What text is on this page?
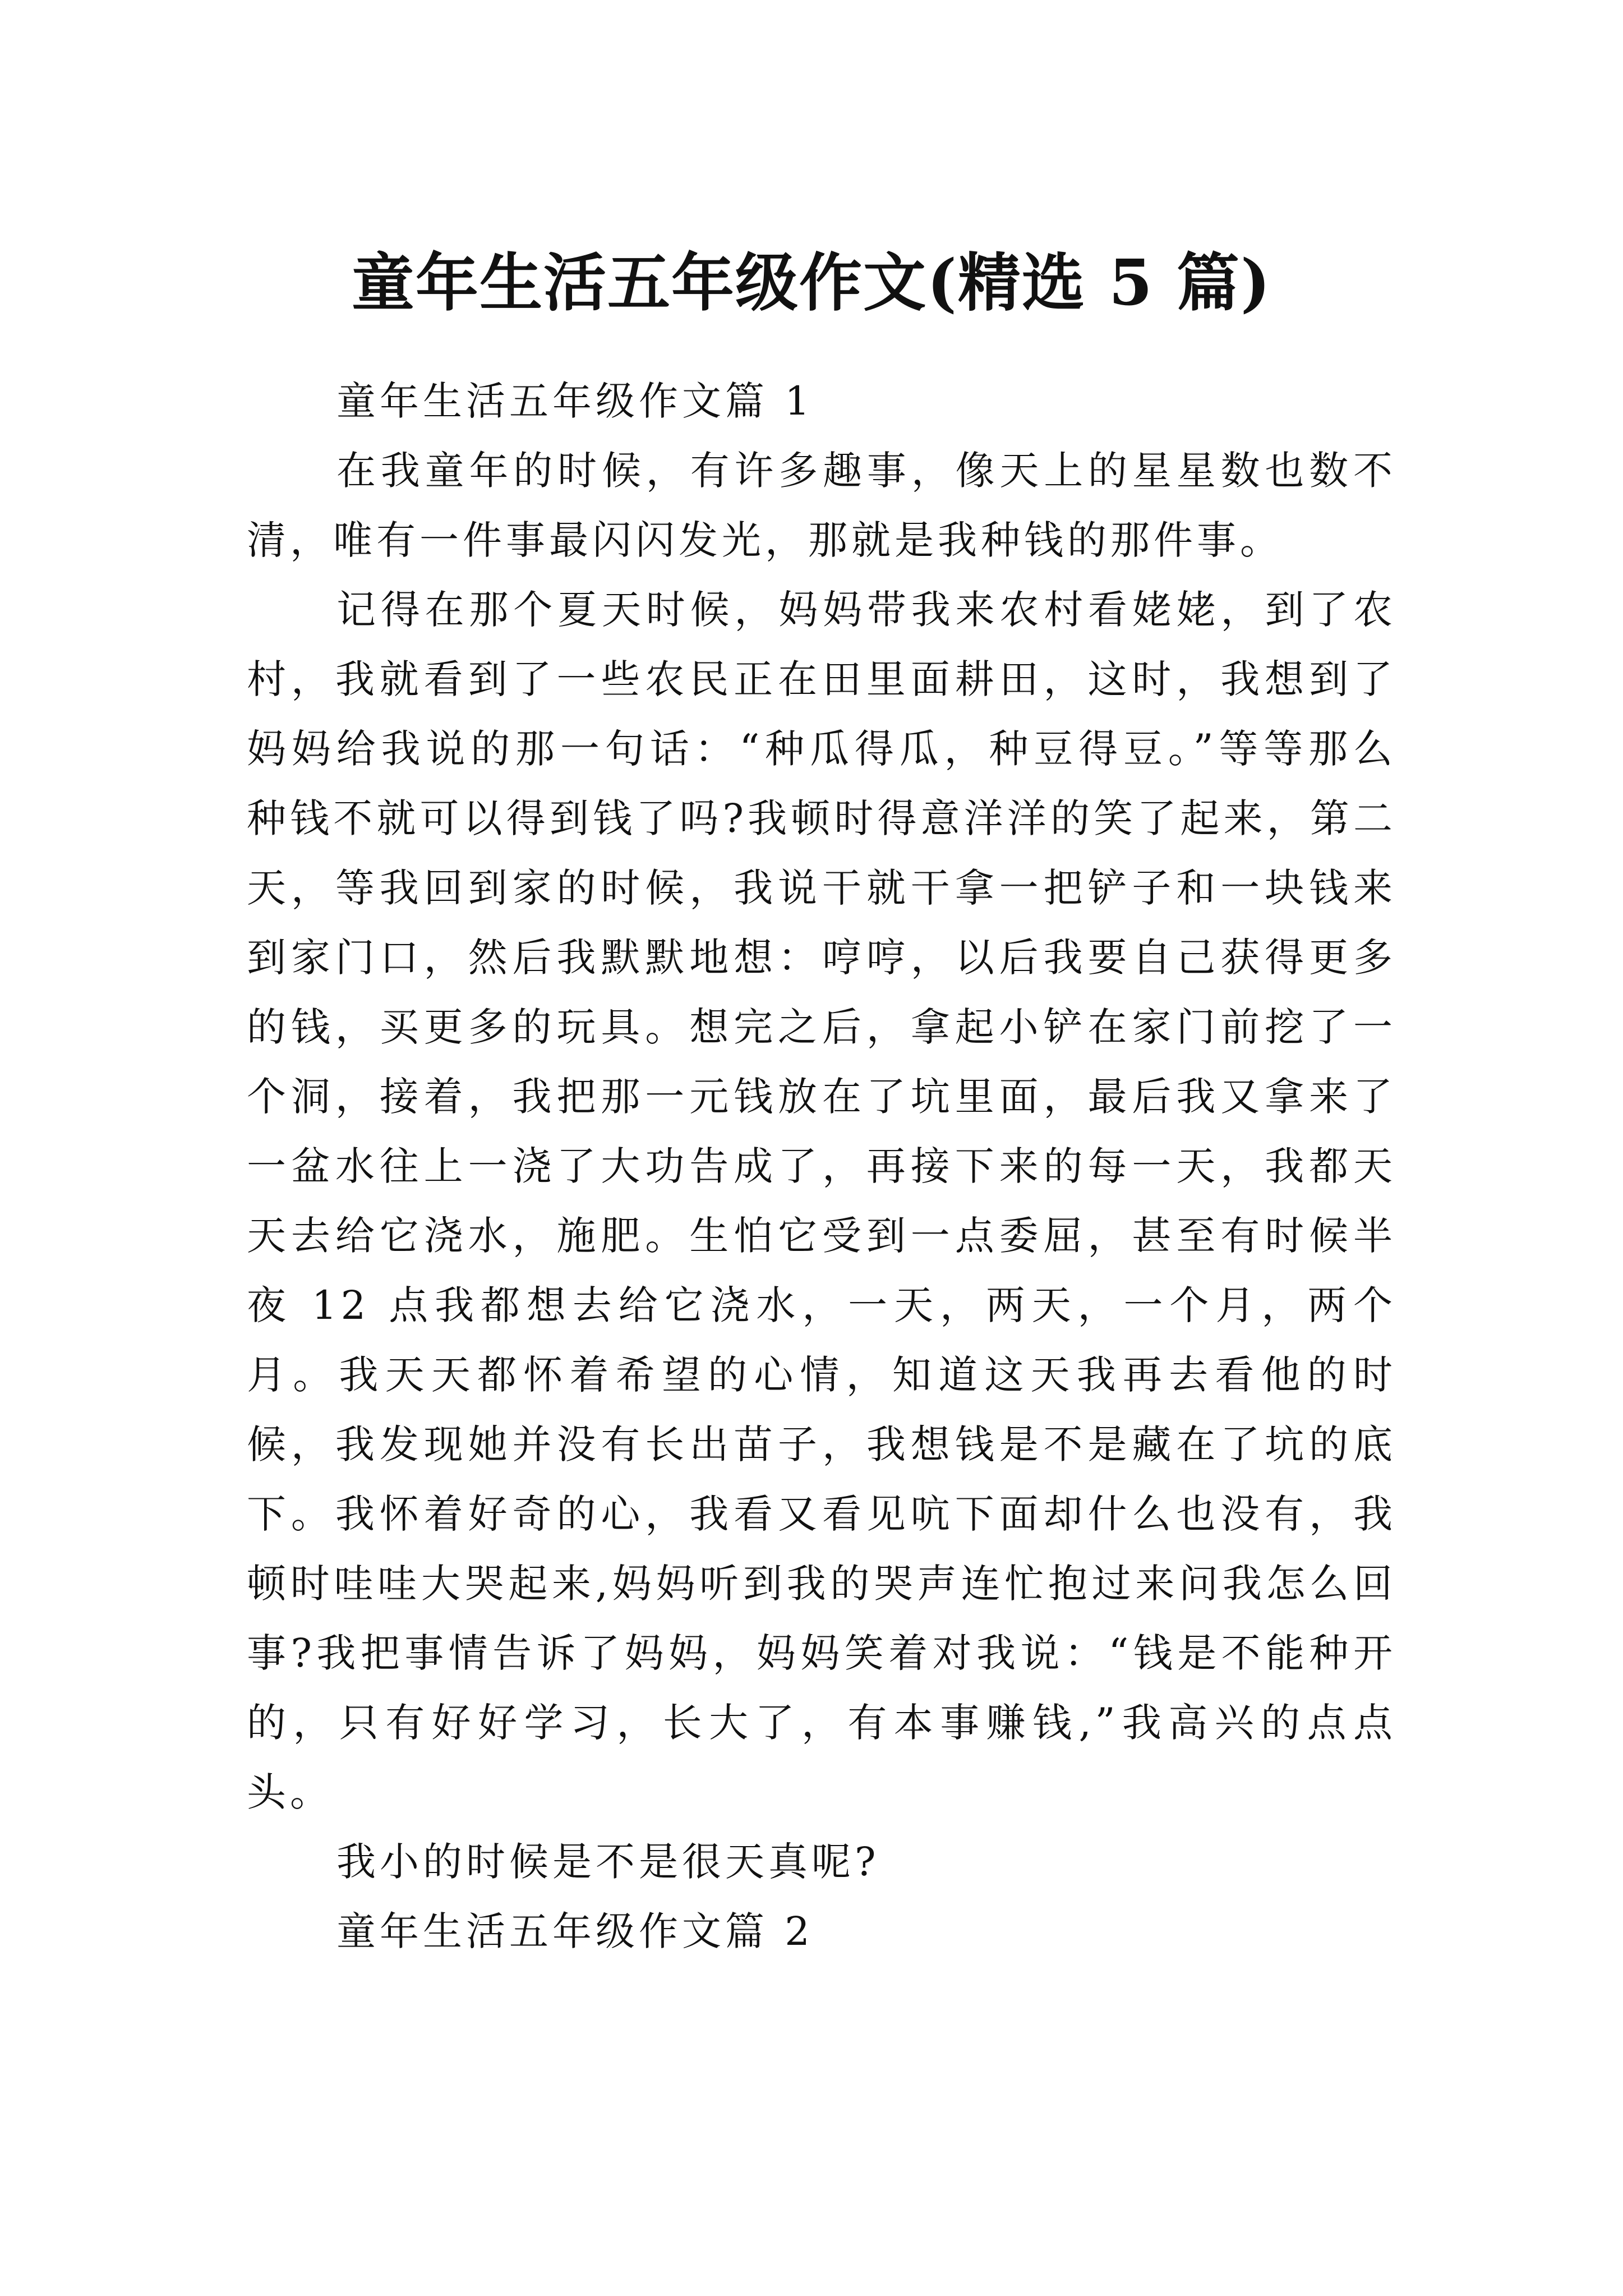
童年生活五年级作文(精选 5 篇)

童年生活五年级作文篇 1

在我童年的时候，有许多趣事，像天上的星星数也数不清，唯有一件事最闪闪发光，那就是我种钱的那件事。

记得在那个夏天时候，妈妈带我来农村看姥姥，到了农村，我就看到了一些农民正在田里面耕田，这时，我想到了妈妈给我说的那一句话：“种瓜得瓜，种豆得豆。”等等那么种钱不就可以得到钱了吗?我顿时得意洋洋的笑了起来，第二天，等我回到家的时候，我说干就干拿一把铲子和一块钱来到家门口，然后我默默地想：哼哼，以后我要自己获得更多的钱，买更多的玩具。想完之后，拿起小铲在家门前挖了一个洞，接着，我把那一元钱放在了坑里面，最后我又拿来了一盆水往上一浇了大功告成了，再接下来的每一天，我都天天去给它浇水，施肥。生怕它受到一点委屈，甚至有时候半夜 12 点我都想去给它浇水，一天，两天，一个月，两个月。我天天都怀着希望的心情，知道这天我再去看他的时候，我发现她并没有长出苗子，我想钱是不是藏在了坑的底下。我怀着好奇的心，我看又看见吭下面却什么也没有，我顿时哇哇大哭起来,妈妈听到我的哭声连忙抱过来问我怎么回事?我把事情告诉了妈妈，妈妈笑着对我说：“钱是不能种开的，只有好好学习，长大了，有本事赚钱,”我高兴的点点头。

我小的时候是不是很天真呢?

童年生活五年级作文篇 2
